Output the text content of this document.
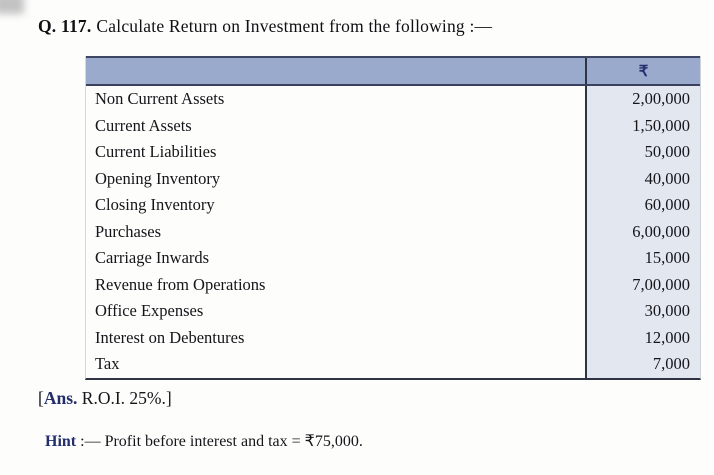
Q. 117. Calculate Return on Investment from the following :—
₹
Non Current Assets	2,00,000
Current Assets	1,50,000
Current Liabilities	50,000
Opening Inventory	40,000
Closing Inventory	60,000
Purchases	6,00,000
Carriage Inwards	15,000
Revenue from Operations	7,00,000
Office Expenses	30,000
Interest on Debentures	12,000
Tax	7,000
[Ans. R.O.I. 25%.]
Hint :— Profit before interest and tax = ₹75,000.
